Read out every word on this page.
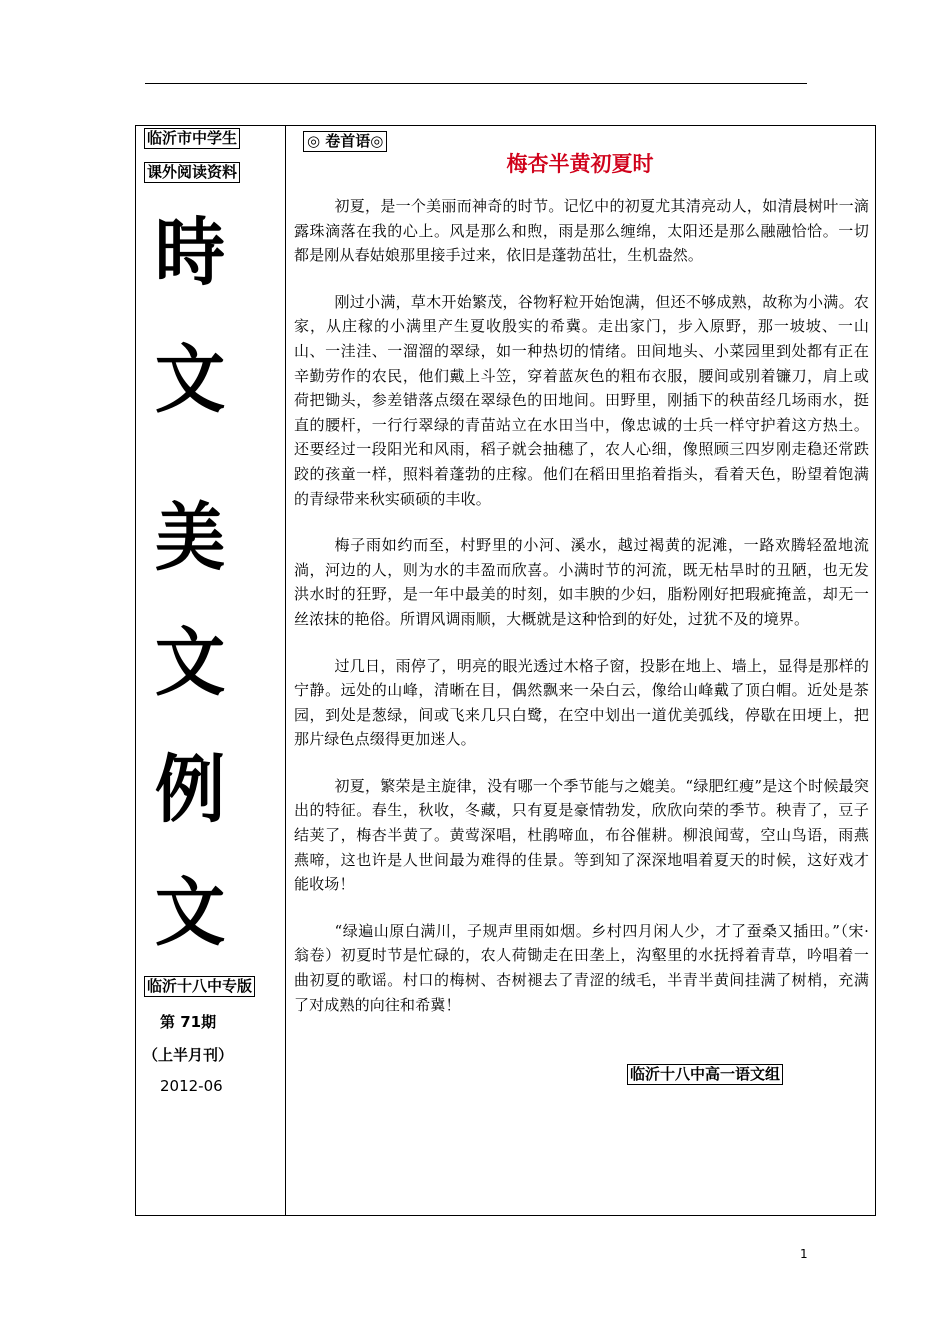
临沂市中学生
课外阅读资料
時
文
美
文
例
文
临沂十八中专版
第 71期
（上半月刊）
2012-06
◎ 卷首语◎
梅杏半黄初夏时

初夏，是一个美丽而神奇的时节。记忆中的初夏尤其清亮动人，如清晨树叶一滴露珠滴落在我的心上。风是那么和煦，雨是那么缠绵，太阳还是那么融融恰恰。一切都是刚从春姑娘那里接手过来，依旧是蓬勃茁壮，生机盎然。

刚过小满，草木开始繁茂，谷物籽粒开始饱满，但还不够成熟，故称为小满。农家，从庄稼的小满里产生夏收殷实的希冀。走出家门，步入原野，那一坡坡、一山山、一洼洼、一溜溜的翠绿，如一种热切的情绪。田间地头、小菜园里到处都有正在辛勤劳作的农民，他们戴上斗笠，穿着蓝灰色的粗布衣服，腰间或别着镰刀，肩上或荷把锄头，参差错落点缀在翠绿色的田地间。田野里，刚插下的秧苗经几场雨水，挺直的腰杆，一行行翠绿的青苗站立在水田当中，像忠诚的士兵一样守护着这方热土。还要经过一段阳光和风雨，稻子就会抽穗了，农人心细，像照顾三四岁刚走稳还常跌跤的孩童一样，照料着蓬勃的庄稼。他们在稻田里掐着指头，看着天色，盼望着饱满的青绿带来秋实硕硕的丰收。

梅子雨如约而至，村野里的小河、溪水，越过褐黄的泥滩，一路欢腾轻盈地流淌，河边的人，则为水的丰盈而欣喜。小满时节的河流，既无枯旱时的丑陋，也无发洪水时的狂野，是一年中最美的时刻，如丰腴的少妇，脂粉刚好把瑕疵掩盖，却无一丝浓抹的艳俗。所谓风调雨顺，大概就是这种恰到的好处，过犹不及的境界。

过几日，雨停了，明亮的眼光透过木格子窗，投影在地上、墙上，显得是那样的宁静。远处的山峰，清晰在目，偶然飘来一朵白云，像给山峰戴了顶白帽。近处是茶园，到处是葱绿，间或飞来几只白鹭，在空中划出一道优美弧线，停歇在田埂上，把那片绿色点缀得更加迷人。

初夏，繁荣是主旋律，没有哪一个季节能与之媲美。“绿肥红瘦”是这个时候最突出的特征。春生，秋收，冬藏，只有夏是豪情勃发，欣欣向荣的季节。秧青了，豆子结荚了，梅杏半黄了。黄莺深唱，杜鹃啼血，布谷催耕。柳浪闻莺，空山鸟语，雨燕燕啼，这也许是人世间最为难得的佳景。等到知了深深地唱着夏天的时候，这好戏才能收场！

“绿遍山原白满川，子规声里雨如烟。乡村四月闲人少，才了蚕桑又插田。”（宋·翁卷）初夏时节是忙碌的，农人荷锄走在田垄上，沟壑里的水抚捋着青草，吟唱着一曲初夏的歌谣。村口的梅树、杏树褪去了青涩的绒毛，半青半黄间挂满了树梢，充满了对成熟的向往和希冀！

临沂十八中高一语文组
1
